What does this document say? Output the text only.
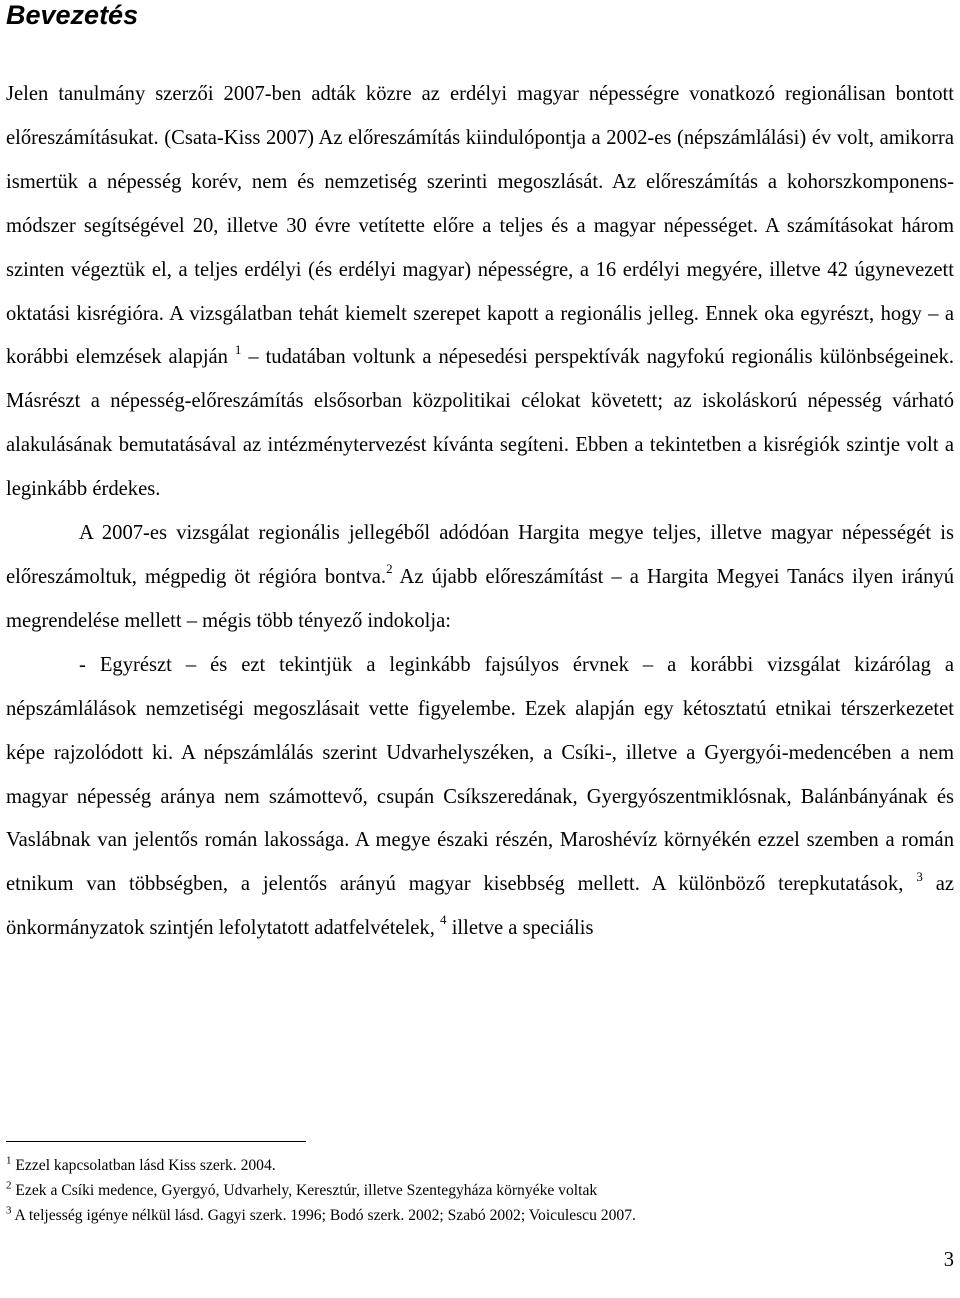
Bevezetés

Jelen tanulmány szerzői 2007-ben adták közre az erdélyi magyar népességre vonatkozó regionálisan bontott előreszámításukat. (Csata-Kiss 2007) Az előreszámítás kiindulópontja a 2002-es (népszámlálási) év volt, amikorra ismertük a népesség korév, nem és nemzetiség szerinti megoszlását. Az előreszámítás a kohorszkomponens-módszer segítségével 20, illetve 30 évre vetítette előre a teljes és a magyar népességet. A számításokat három szinten végeztük el, a teljes erdélyi (és erdélyi magyar) népességre, a 16 erdélyi megyére, illetve 42 úgynevezett oktatási kisrégióra. A vizsgálatban tehát kiemelt szerepet kapott a regionális jelleg. Ennek oka egyrészt, hogy – a korábbi elemzések alapján $^1$ – tudatában voltunk a népesedési perspektívák nagyfokú regionális különbségeinek. Másrészt a népesség-előreszámítás elsősorban közpolitikai célokat követett; az iskoláskorú népesség várható alakulásának bemutatásával az intézménytervezést kívánta segíteni. Ebben a tekintetben a kisrégiók szintje volt a leginkább érdekes.

A 2007-es vizsgálat regionális jellegéből adódóan Hargita megye teljes, illetve magyar népességét is előreszámoltuk, mégpedig öt régióra bontva.$^2$ Az újabb előreszámítást – a Hargita Megyei Tanács ilyen irányú megrendelése mellett – mégis több tényező indokolja:

- Egyrészt – és ezt tekintjük a leginkább fajsúlyos érvnek – a korábbi vizsgálat kizárólag a népszámlálások nemzetiségi megoszlásait vette figyelembe. Ezek alapján egy kétosztatú etnikai térszerkezetet képe rajzolódott ki. A népszámlálás szerint Udvarhelyszéken, a Csíki-, illetve a Gyergyói-medencében a nem magyar népesség aránya nem számottevő, csupán Csíkszeredának, Gyergyószentmiklósnak, Balánbányának és Vaslábnak van jelentős román lakossága. A megye északi részén, Maroshévíz környékén ezzel szemben a román etnikum van többségben, a jelentős arányú magyar kisebbség mellett. A különböző terepkutatások, $^3$ az önkormányzatok szintjén lefolytatott adatfelvételek, $^4$ illetve a speciális

$^1$ Ezzel kapcsolatban lásd Kiss szerk. 2004.

$^2$ Ezek a Csíki medence, Gyergyó, Udvarhely, Keresztúr, illetve Szentegyháza környéke voltak

$^3$ A teljesség igénye nélkül lásd. Gagyi szerk. 1996; Bodó szerk. 2002; Szabó 2002; Voiculescu 2007.

3
